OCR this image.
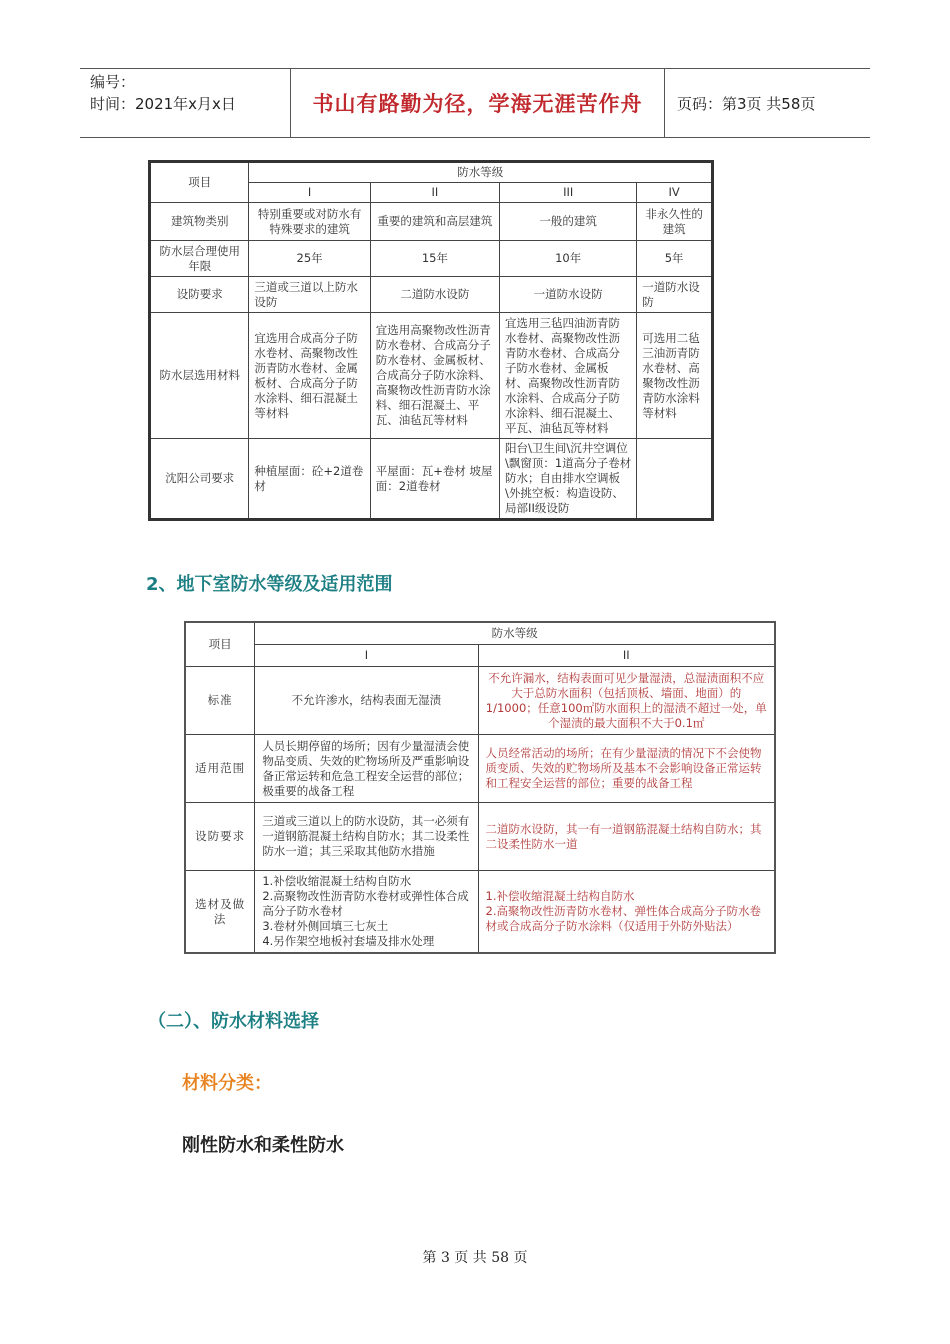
编号：
时间：2021年x月x日	书山有路勤为径，学海无涯苦作舟	页码：第3页 共58页
项目	防水等级			
	I	II	III	IV
建筑物类别	特别重要或对防水有特殊要求的建筑	重要的建筑和高层建筑	一般的建筑	非永久性的建筑
防水层合理使用年限	25年	15年	10年	5年
设防要求	三道或三道以上防水设防	二道防水设防	一道防水设防	一道防水设防
防水层选用材料	宜选用合成高分子防水卷材、高聚物改性沥青防水卷材、金属板材、合成高分子防水涂料、细石混凝土等材料	宜选用高聚物改性沥青防水卷材、合成高分子防水卷材、金属板材、合成高分子防水涂料、高聚物改性沥青防水涂料、细石混凝土、平瓦、油毡瓦等材料	宜选用三毡四油沥青防水卷材、高聚物改性沥青防水卷材、合成高分子防水卷材、金属板材、高聚物改性沥青防水涂料、合成高分子防水涂料、细石混凝土、平瓦、油毡瓦等材料	可选用二毡三油沥青防水卷材、高聚物改性沥青防水涂料等材料
沈阳公司要求	种植屋面：砼+2道卷材	平屋面：瓦+卷材 坡屋面：2道卷材	阳台\卫生间\沉井空调位\飘窗顶：1道高分子卷材防水；自由排水空调板\外挑空板：构造设防、局部II级设防	
2、地下室防水等级及适用范围
项目	防水等级	
	I	II
标准	不允许渗水，结构表面无湿渍	不允许漏水，结构表面可见少量湿渍，总湿渍面积不应大于总防水面积（包括顶板、墙面、地面）的1/1000；任意100㎡防水面积上的湿渍不超过一处，单个湿渍的最大面积不大于0.1㎡
适用范围	人员长期停留的场所；因有少量湿渍会使物品变质、失效的贮物场所及严重影响设备正常运转和危急工程安全运营的部位；极重要的战备工程	人员经常活动的场所；在有少量湿渍的情况下不会使物质变质、失效的贮物场所及基本不会影响设备正常运转和工程安全运营的部位；重要的战备工程
设防要求	三道或三道以上的防水设防，其一必须有一道钢筋混凝土结构自防水；其二设柔性防水一道；其三采取其他防水措施	二道防水设防，其一有一道钢筋混凝土结构自防水；其二设柔性防水一道
选材及做法	1.补偿收缩混凝土结构自防水
2.高聚物改性沥青防水卷材或弹性体合成高分子防水卷材
3.卷材外侧回填三七灰土
4.另作架空地板衬套墙及排水处理	1.补偿收缩混凝土结构自防水
2.高聚物改性沥青防水卷材、弹性体合成高分子防水卷材或合成高分子防水涂料（仅适用于外防外贴法）
（二）、防水材料选择
材料分类：
刚性防水和柔性防水
第 3 页 共 58 页
